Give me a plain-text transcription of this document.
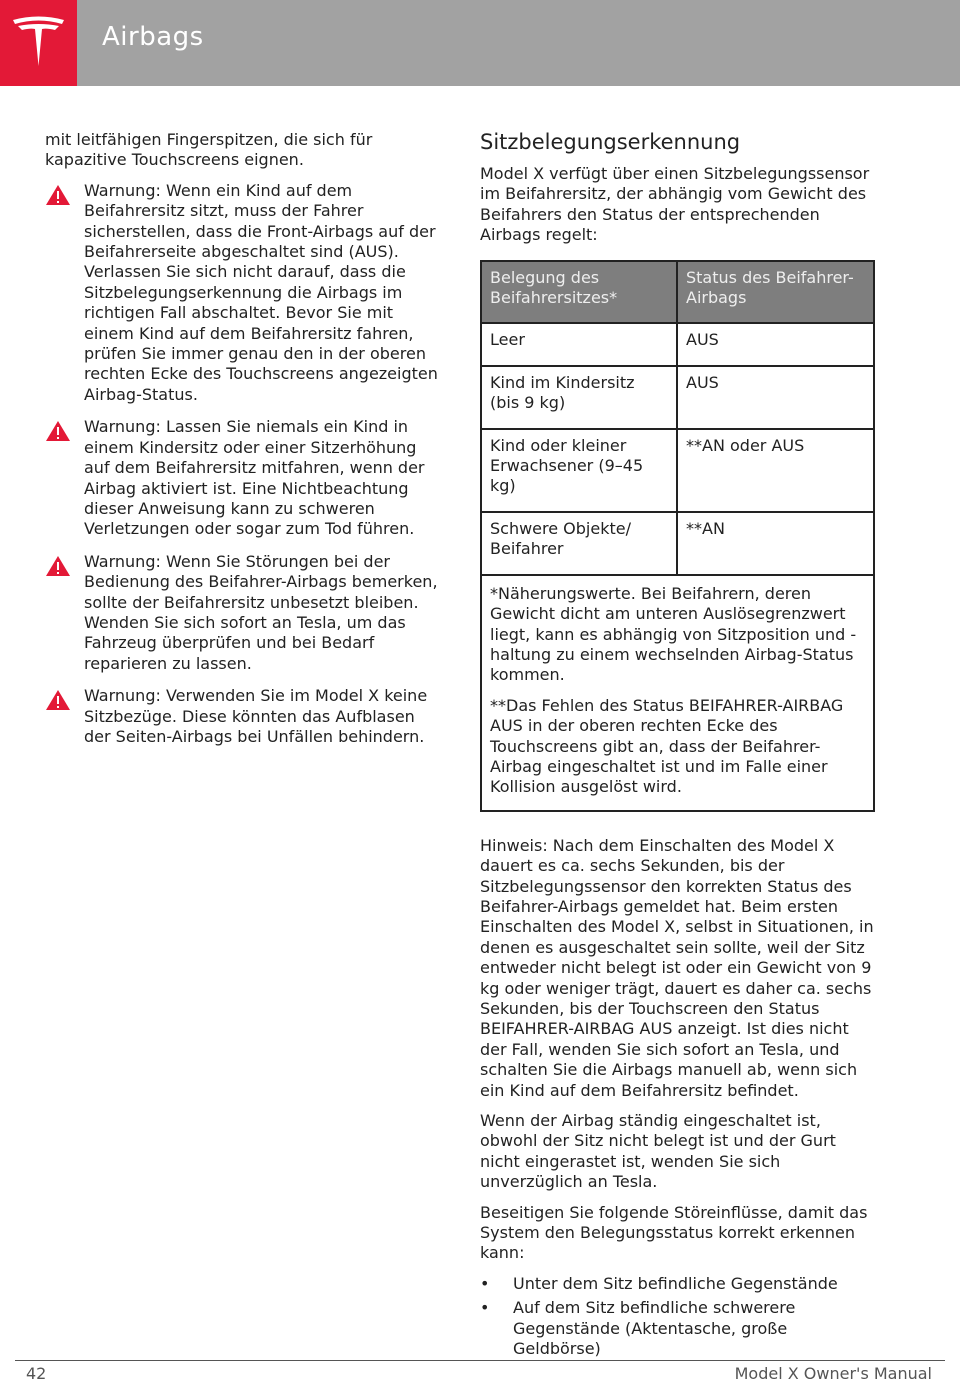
Airbags

mit leitfähigen Fingerspitzen, die sich für kapazitive Touchscreens eignen.

Warnung: Wenn ein Kind auf dem Beifahrersitz sitzt, muss der Fahrer sicherstellen, dass die Front-Airbags auf der Beifahrerseite abgeschaltet sind (AUS). Verlassen Sie sich nicht darauf, dass die Sitzbelegungserkennung die Airbags im richtigen Fall abschaltet. Bevor Sie mit einem Kind auf dem Beifahrersitz fahren, prüfen Sie immer genau den in der oberen rechten Ecke des Touchscreens angezeigten Airbag-Status.
Warnung: Lassen Sie niemals ein Kind in einem Kindersitz oder einer Sitzerhöhung auf dem Beifahrersitz mitfahren, wenn der Airbag aktiviert ist. Eine Nichtbeachtung dieser Anweisung kann zu schweren Verletzungen oder sogar zum Tod führen.
Warnung: Wenn Sie Störungen bei der Bedienung des Beifahrer-Airbags bemerken, sollte der Beifahrersitz unbesetzt bleiben. Wenden Sie sich sofort an Tesla, um das Fahrzeug überprüfen und bei Bedarf reparieren zu lassen.
Warnung: Verwenden Sie im Model X keine Sitzbezüge. Diese könnten das Aufblasen der Seiten-Airbags bei Unfällen behindern.
Sitzbelegungserkennung

Model X verfügt über einen Sitzbelegungssensor im Beifahrersitz, der abhängig vom Gewicht des Beifahrers den Status der entsprechenden Airbags regelt:

Belegung des Beifahrersitzes*	Status des Beifahrer-Airbags
Leer	AUS
Kind im Kindersitz (bis 9 kg)	AUS
Kind oder kleiner Erwachsener (9–45 kg)	**AN oder AUS
Schwere Objekte/ Beifahrer	**AN

*Näherungswerte. Bei Beifahrern, deren Gewicht dicht am unteren Auslösegrenzwert liegt, kann es abhängig von Sitzposition und -haltung zu einem wechselnden Airbag-Status kommen.

**Das Fehlen des Status BEIFAHRER-AIRBAG AUS in der oberen rechten Ecke des Touchscreens gibt an, dass der Beifahrer-Airbag eingeschaltet ist und im Falle einer Kollision ausgelöst wird.	

Hinweis: Nach dem Einschalten des Model X dauert es ca. sechs Sekunden, bis der Sitzbelegungssensor den korrekten Status des Beifahrer-Airbags gemeldet hat. Beim ersten Einschalten des Model X, selbst in Situationen, in denen es ausgeschaltet sein sollte, weil der Sitz entweder nicht belegt ist oder ein Gewicht von 9 kg oder weniger trägt, dauert es daher ca. sechs Sekunden, bis der Touchscreen den Status BEIFAHRER-AIRBAG AUS anzeigt. Ist dies nicht der Fall, wenden Sie sich sofort an Tesla, und schalten Sie die Airbags manuell ab, wenn sich ein Kind auf dem Beifahrersitz befindet.

Wenn der Airbag ständig eingeschaltet ist, obwohl der Sitz nicht belegt ist und der Gurt nicht eingerastet ist, wenden Sie sich unverzüglich an Tesla.

Beseitigen Sie folgende Störeinflüsse, damit das System den Belegungsstatus korrekt erkennen kann:

• Unter dem Sitz befindliche Gegenstände
• Auf dem Sitz befindliche schwerere Gegenstände (Aktentasche, große Geldbörse)
42	Model X Owner's Manual
